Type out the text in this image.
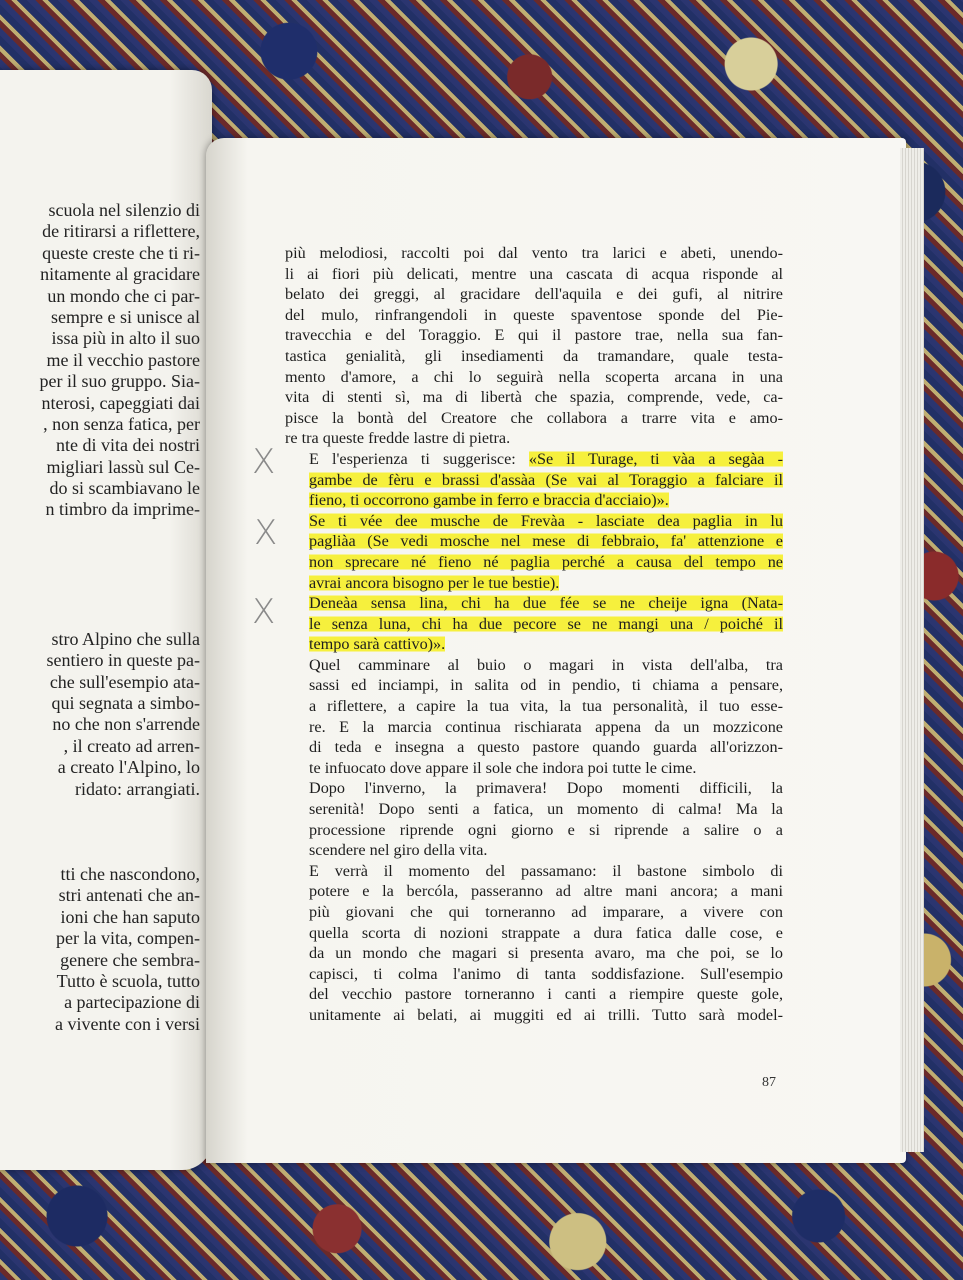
scuola nel silenzio di
de ritirarsi a riflettere,
queste creste che ti ri-
nitamente al gracidare
un mondo che ci par-
sempre e si unisce al
issa più in alto il suo
me il vecchio pastore
per il suo gruppo. Sia-
nterosi, capeggiati dai
, non senza fatica, per
nte di vita dei nostri
migliari lassù sul Ce-
do si scambiavano le
n timbro da imprime-
stro Alpino che sulla
sentiero in queste pa-
che sull'esempio ata-
qui segnata a simbo-
no che non s'arrende
, il creato ad arren-
a creato l'Alpino, lo
ridato: arrangiati.
tti che nascondono,
stri antenati che an-
ioni che han saputo
per la vita, compen-
genere che sembra-
Tutto è scuola, tutto
a partecipazione di
a vivente con i versi

più melodiosi, raccolti poi dal vento tra larici e abeti, unendo-
li ai fiori più delicati, mentre una cascata di acqua risponde al
belato dei greggi, al gracidare dell'aquila e dei gufi, al nitrire
del mulo, rinfrangendoli in queste spaventose sponde del Pie-
travecchia e del Toraggio. E qui il pastore trae, nella sua fan-
tastica genialità, gli insediamenti da tramandare, quale testa-
mento d'amore, a chi lo seguirà nella scoperta arcana in una
vita di stenti sì, ma di libertà che spazia, comprende, vede, ca-
pisce la bontà del Creatore che collabora a trarre vita e amo-
re tra queste fredde lastre di pietra.

E l'esperienza ti suggerisce: «Se il Turage, ti vàa a segàa -
gambe de fèru e brassi d'assàa (Se vai al Toraggio a falciare il
fieno, ti occorrono gambe in ferro e braccia d'acciaio)».

Se ti vée dee musche de Frevàa - lasciate dea paglia in lu
pagliàa (Se vedi mosche nel mese di febbraio, fa' attenzione e
non sprecare né fieno né paglia perché a causa del tempo ne
avrai ancora bisogno per le tue bestie).

Deneàa sensa lina, chi ha due fée se ne cheije igna (Nata-
le senza luna, chi ha due pecore se ne mangi una / poiché il
tempo sarà cattivo)».

Quel camminare al buio o magari in vista dell'alba, tra
sassi ed inciampi, in salita od in pendio, ti chiama a pensare,
a riflettere, a capire la tua vita, la tua personalità, il tuo esse-
re. E la marcia continua rischiarata appena da un mozzicone
di teda e insegna a questo pastore quando guarda all'orizzon-
te infuocato dove appare il sole che indora poi tutte le cime.

Dopo l'inverno, la primavera! Dopo momenti difficili, la
serenità! Dopo senti a fatica, un momento di calma! Ma la
processione riprende ogni giorno e si riprende a salire o a
scendere nel giro della vita.

E verrà il momento del passamano: il bastone simbolo di
potere e la bercóla, passeranno ad altre mani ancora; a mani
più giovani che qui torneranno ad imparare, a vivere con
quella scorta di nozioni strappate a dura fatica dalle cose, e
da un mondo che magari si presenta avaro, ma che poi, se lo
capisci, ti colma l'animo di tanta soddisfazione. Sull'esempio
del vecchio pastore torneranno i canti a riempire queste gole,
unitamente ai belati, ai muggiti ed ai trilli. Tutto sarà model-

X
X
X
87
